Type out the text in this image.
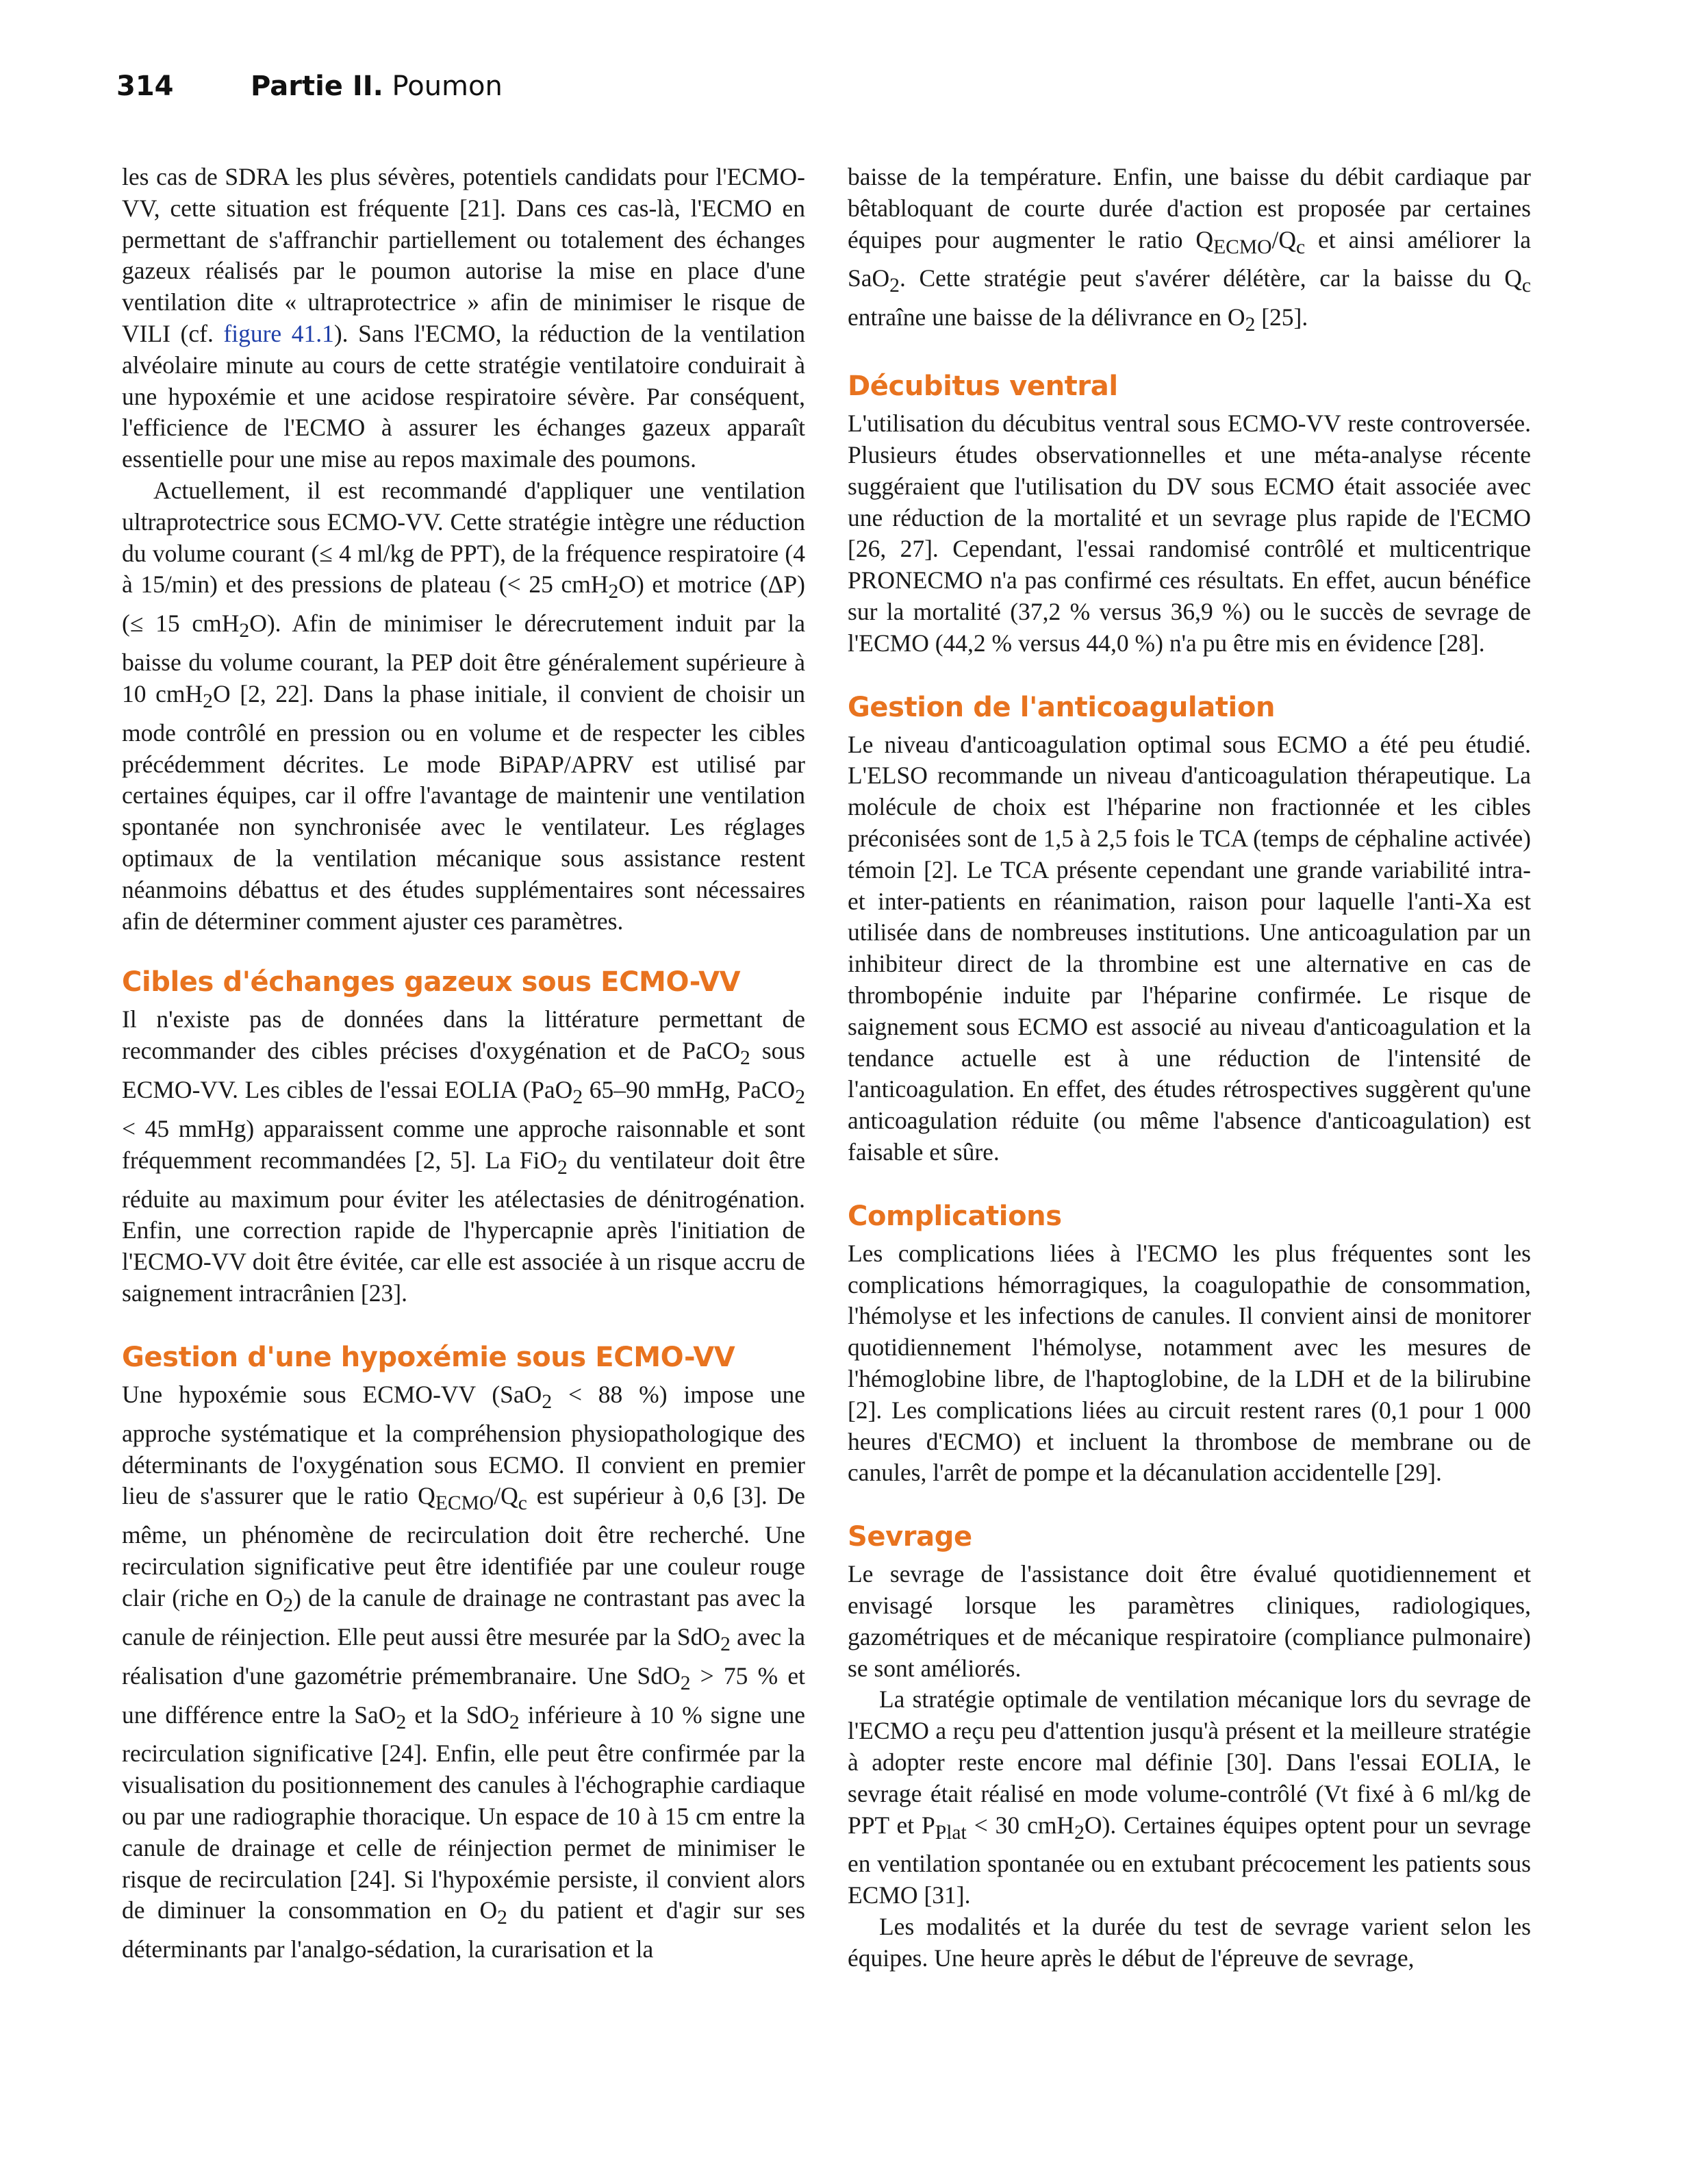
314	Partie II. Poumon

les cas de SDRA les plus sévères, potentiels candidats pour l'ECMO-VV, cette situation est fréquente [21]. Dans ces cas-là, l'ECMO en permettant de s'affranchir partiellement ou totalement des échanges gazeux réalisés par le poumon autorise la mise en place d'une ventilation dite « ultraprotectrice » afin de minimiser le risque de VILI (cf. figure 41.1). Sans l'ECMO, la réduction de la ventilation alvéolaire minute au cours de cette stratégie ventilatoire conduirait à une hypoxémie et une acidose respiratoire sévère. Par conséquent, l'efficience de l'ECMO à assurer les échanges gazeux apparaît essentielle pour une mise au repos maximale des poumons.

Actuellement, il est recommandé d'appliquer une ventilation ultraprotectrice sous ECMO-VV. Cette stratégie intègre une réduction du volume courant (≤ 4 ml/kg de PPT), de la fréquence respiratoire (4 à 15/min) et des pressions de plateau (< 25 cmH$_2$O) et motrice (ΔP) (≤ 15 cmH$_2$O). Afin de minimiser le dérecrutement induit par la baisse du volume courant, la PEP doit être généralement supérieure à 10 cmH$_2$O [2, 22]. Dans la phase initiale, il convient de choisir un mode contrôlé en pression ou en volume et de respecter les cibles précédemment décrites. Le mode BiPAP/APRV est utilisé par certaines équipes, car il offre l'avantage de maintenir une ventilation spontanée non synchronisée avec le ventilateur. Les réglages optimaux de la ventilation mécanique sous assistance restent néanmoins débattus et des études supplémentaires sont nécessaires afin de déterminer comment ajuster ces paramètres.

Cibles d'échanges gazeux sous ECMO-VV

Il n'existe pas de données dans la littérature permettant de recommander des cibles précises d'oxygénation et de PaCO$_2$ sous ECMO-VV. Les cibles de l'essai EOLIA (PaO$_2$ 65–90 mmHg, PaCO$_2$ < 45 mmHg) apparaissent comme une approche raisonnable et sont fréquemment recommandées [2, 5]. La FiO$_2$ du ventilateur doit être réduite au maximum pour éviter les atélectasies de dénitrogénation. Enfin, une correction rapide de l'hypercapnie après l'initiation de l'ECMO-VV doit être évitée, car elle est associée à un risque accru de saignement intracrânien [23].

Gestion d'une hypoxémie sous ECMO-VV

Une hypoxémie sous ECMO-VV (SaO$_2$ < 88 %) impose une approche systématique et la compréhension physiopathologique des déterminants de l'oxygénation sous ECMO. Il convient en premier lieu de s'assurer que le ratio $Q_{ECMO}/Q_c$ est supérieur à 0,6 [3]. De même, un phénomène de recirculation doit être recherché. Une recirculation significative peut être identifiée par une couleur rouge clair (riche en $O_2$) de la canule de drainage ne contrastant pas avec la canule de réinjection. Elle peut aussi être mesurée par la SdO$_2$ avec la réalisation d'une gazométrie prémembranaire. Une SdO$_2$ > 75 % et une différence entre la SaO$_2$ et la SdO$_2$ inférieure à 10 % signe une recirculation significative [24]. Enfin, elle peut être confirmée par la visualisation du positionnement des canules à l'échographie cardiaque ou par une radiographie thoracique. Un espace de 10 à 15 cm entre la canule de drainage et celle de réinjection permet de minimiser le risque de recirculation [24]. Si l'hypoxémie persiste, il convient alors de diminuer la consommation en $O_2$ du patient et d'agir sur ses déterminants par l'analgo-sédation, la curarisation et la

baisse de la température. Enfin, une baisse du débit cardiaque par bêtabloquant de courte durée d'action est proposée par certaines équipes pour augmenter le ratio $Q_{ECMO}/Q_c$ et ainsi améliorer la SaO$_2$. Cette stratégie peut s'avérer délétère, car la baisse du $Q_c$ entraîne une baisse de la délivrance en $O_2$ [25].

Décubitus ventral

L'utilisation du décubitus ventral sous ECMO-VV reste controversée. Plusieurs études observationnelles et une méta-analyse récente suggéraient que l'utilisation du DV sous ECMO était associée avec une réduction de la mortalité et un sevrage plus rapide de l'ECMO [26, 27]. Cependant, l'essai randomisé contrôlé et multicentrique PRONECMO n'a pas confirmé ces résultats. En effet, aucun bénéfice sur la mortalité (37,2 % versus 36,9 %) ou le succès de sevrage de l'ECMO (44,2 % versus 44,0 %) n'a pu être mis en évidence [28].

Gestion de l'anticoagulation

Le niveau d'anticoagulation optimal sous ECMO a été peu étudié. L'ELSO recommande un niveau d'anticoagulation thérapeutique. La molécule de choix est l'héparine non fractionnée et les cibles préconisées sont de 1,5 à 2,5 fois le TCA (temps de céphaline activée) témoin [2]. Le TCA présente cependant une grande variabilité intra- et inter-patients en réanimation, raison pour laquelle l'anti-Xa est utilisée dans de nombreuses institutions. Une anticoagulation par un inhibiteur direct de la thrombine est une alternative en cas de thrombopénie induite par l'héparine confirmée. Le risque de saignement sous ECMO est associé au niveau d'anticoagulation et la tendance actuelle est à une réduction de l'intensité de l'anticoagulation. En effet, des études rétrospectives suggèrent qu'une anticoagulation réduite (ou même l'absence d'anticoagulation) est faisable et sûre.

Complications

Les complications liées à l'ECMO les plus fréquentes sont les complications hémorragiques, la coagulopathie de consommation, l'hémolyse et les infections de canules. Il convient ainsi de monitorer quotidiennement l'hémolyse, notamment avec les mesures de l'hémoglobine libre, de l'haptoglobine, de la LDH et de la bilirubine [2]. Les complications liées au circuit restent rares (0,1 pour 1 000 heures d'ECMO) et incluent la thrombose de membrane ou de canules, l'arrêt de pompe et la décanulation accidentelle [29].

Sevrage

Le sevrage de l'assistance doit être évalué quotidiennement et envisagé lorsque les paramètres cliniques, radiologiques, gazométriques et de mécanique respiratoire (compliance pulmonaire) se sont améliorés.

La stratégie optimale de ventilation mécanique lors du sevrage de l'ECMO a reçu peu d'attention jusqu'à présent et la meilleure stratégie à adopter reste encore mal définie [30]. Dans l'essai EOLIA, le sevrage était réalisé en mode volume-contrôlé (Vt fixé à 6 ml/kg de PPT et $P_{Plat} < 30$ cmH$_2$O). Certaines équipes optent pour un sevrage en ventilation spontanée ou en extubant précocement les patients sous ECMO [31].

Les modalités et la durée du test de sevrage varient selon les équipes. Une heure après le début de l'épreuve de sevrage,
